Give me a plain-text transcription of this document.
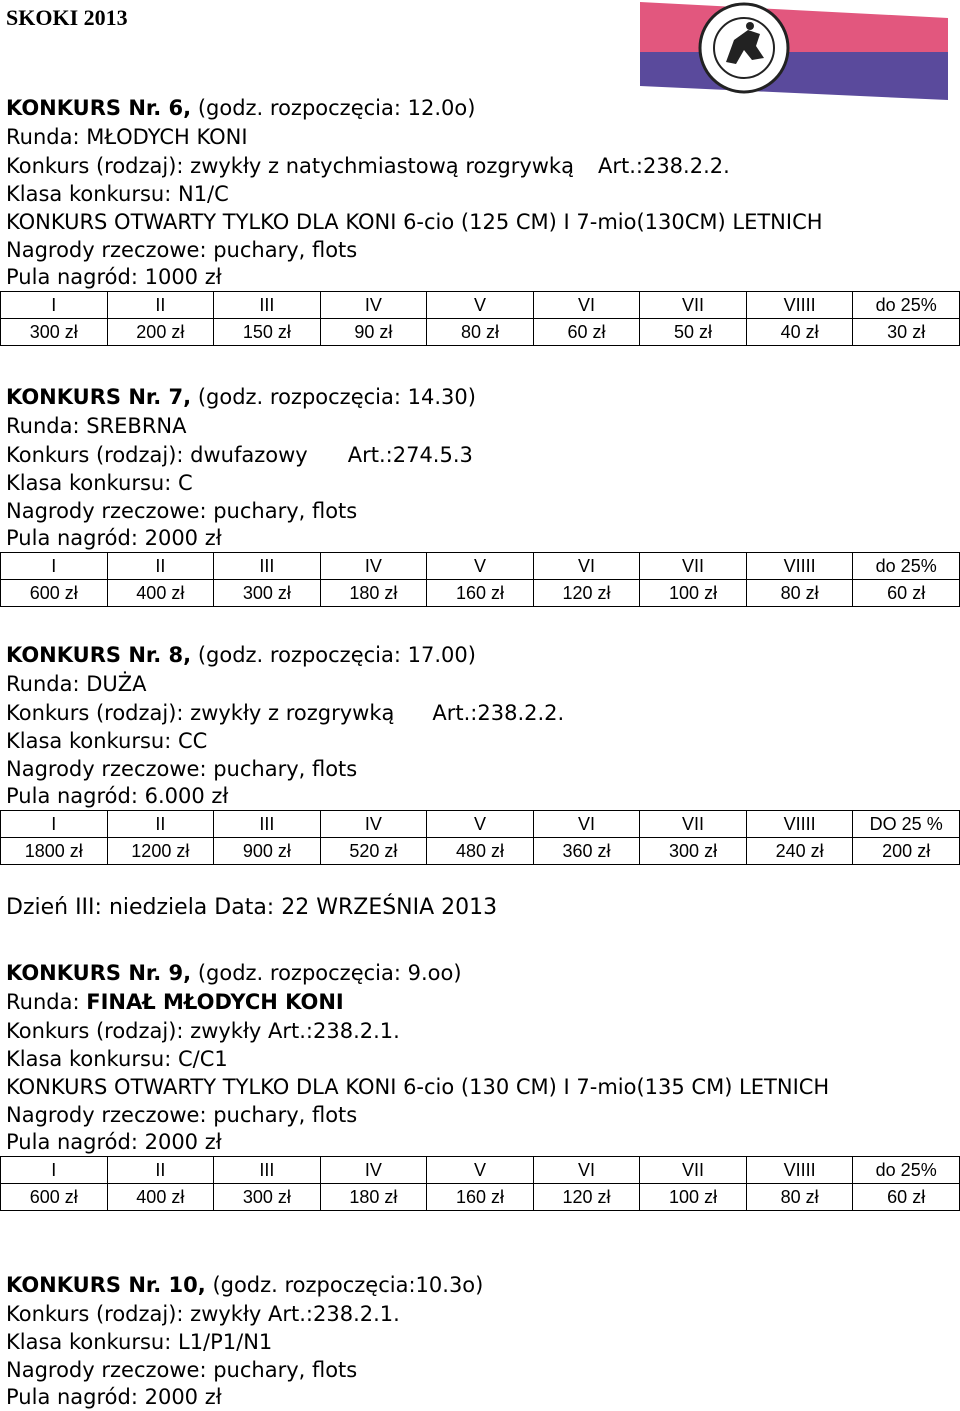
SKOKI 2013
KONKURS Nr. 6, (godz. rozpoczęcia: 12.0o)
Runda: MŁODYCH KONI
Konkurs (rodzaj): zwykły z natychmiastową rozgrywką Art.:238.2.2.
Klasa konkursu: N1/C
KONKURS OTWARTY TYLKO DLA KONI 6-cio (125 CM) I 7-mio(130CM) LETNICH
Nagrody rzeczowe: puchary, flots
Pula nagród: 1000 zł
I	II	III	IV	V	VI	VII	VIIII	do 25%
300 zł	200 zł	150 zł	90 zł	80 zł	60 zł	50 zł	40 zł	30 zł
KONKURS Nr. 7, (godz. rozpoczęcia: 14.30)
Runda: SREBRNA
Konkurs (rodzaj): dwufazowy Art.:274.5.3
Klasa konkursu: C
Nagrody rzeczowe: puchary, flots
Pula nagród: 2000 zł
I	II	III	IV	V	VI	VII	VIIII	do 25%
600 zł	400 zł	300 zł	180 zł	160 zł	120 zł	100 zł	80 zł	60 zł
KONKURS Nr. 8, (godz. rozpoczęcia: 17.00)
Runda: DUŻA
Konkurs (rodzaj): zwykły z rozgrywką Art.:238.2.2.
Klasa konkursu: CC
Nagrody rzeczowe: puchary, flots
Pula nagród: 6.000 zł
I	II	III	IV	V	VI	VII	VIIII	DO 25 %
1800 zł	1200 zł	900 zł	520 zł	480 zł	360 zł	300 zł	240 zł	200 zł
Dzień III: niedziela Data: 22 WRZEŚNIA 2013
KONKURS Nr. 9, (godz. rozpoczęcia: 9.oo)
Runda: FINAŁ MŁODYCH KONI
Konkurs (rodzaj): zwykły Art.:238.2.1.
Klasa konkursu: C/C1
KONKURS OTWARTY TYLKO DLA KONI 6-cio (130 CM) I 7-mio(135 CM) LETNICH
Nagrody rzeczowe: puchary, flots
Pula nagród: 2000 zł
I	II	III	IV	V	VI	VII	VIIII	do 25%
600 zł	400 zł	300 zł	180 zł	160 zł	120 zł	100 zł	80 zł	60 zł
KONKURS Nr. 10, (godz. rozpoczęcia:10.3o)
Konkurs (rodzaj): zwykły Art.:238.2.1.
Klasa konkursu: L1/P1/N1
Nagrody rzeczowe: puchary, flots
Pula nagród: 2000 zł
